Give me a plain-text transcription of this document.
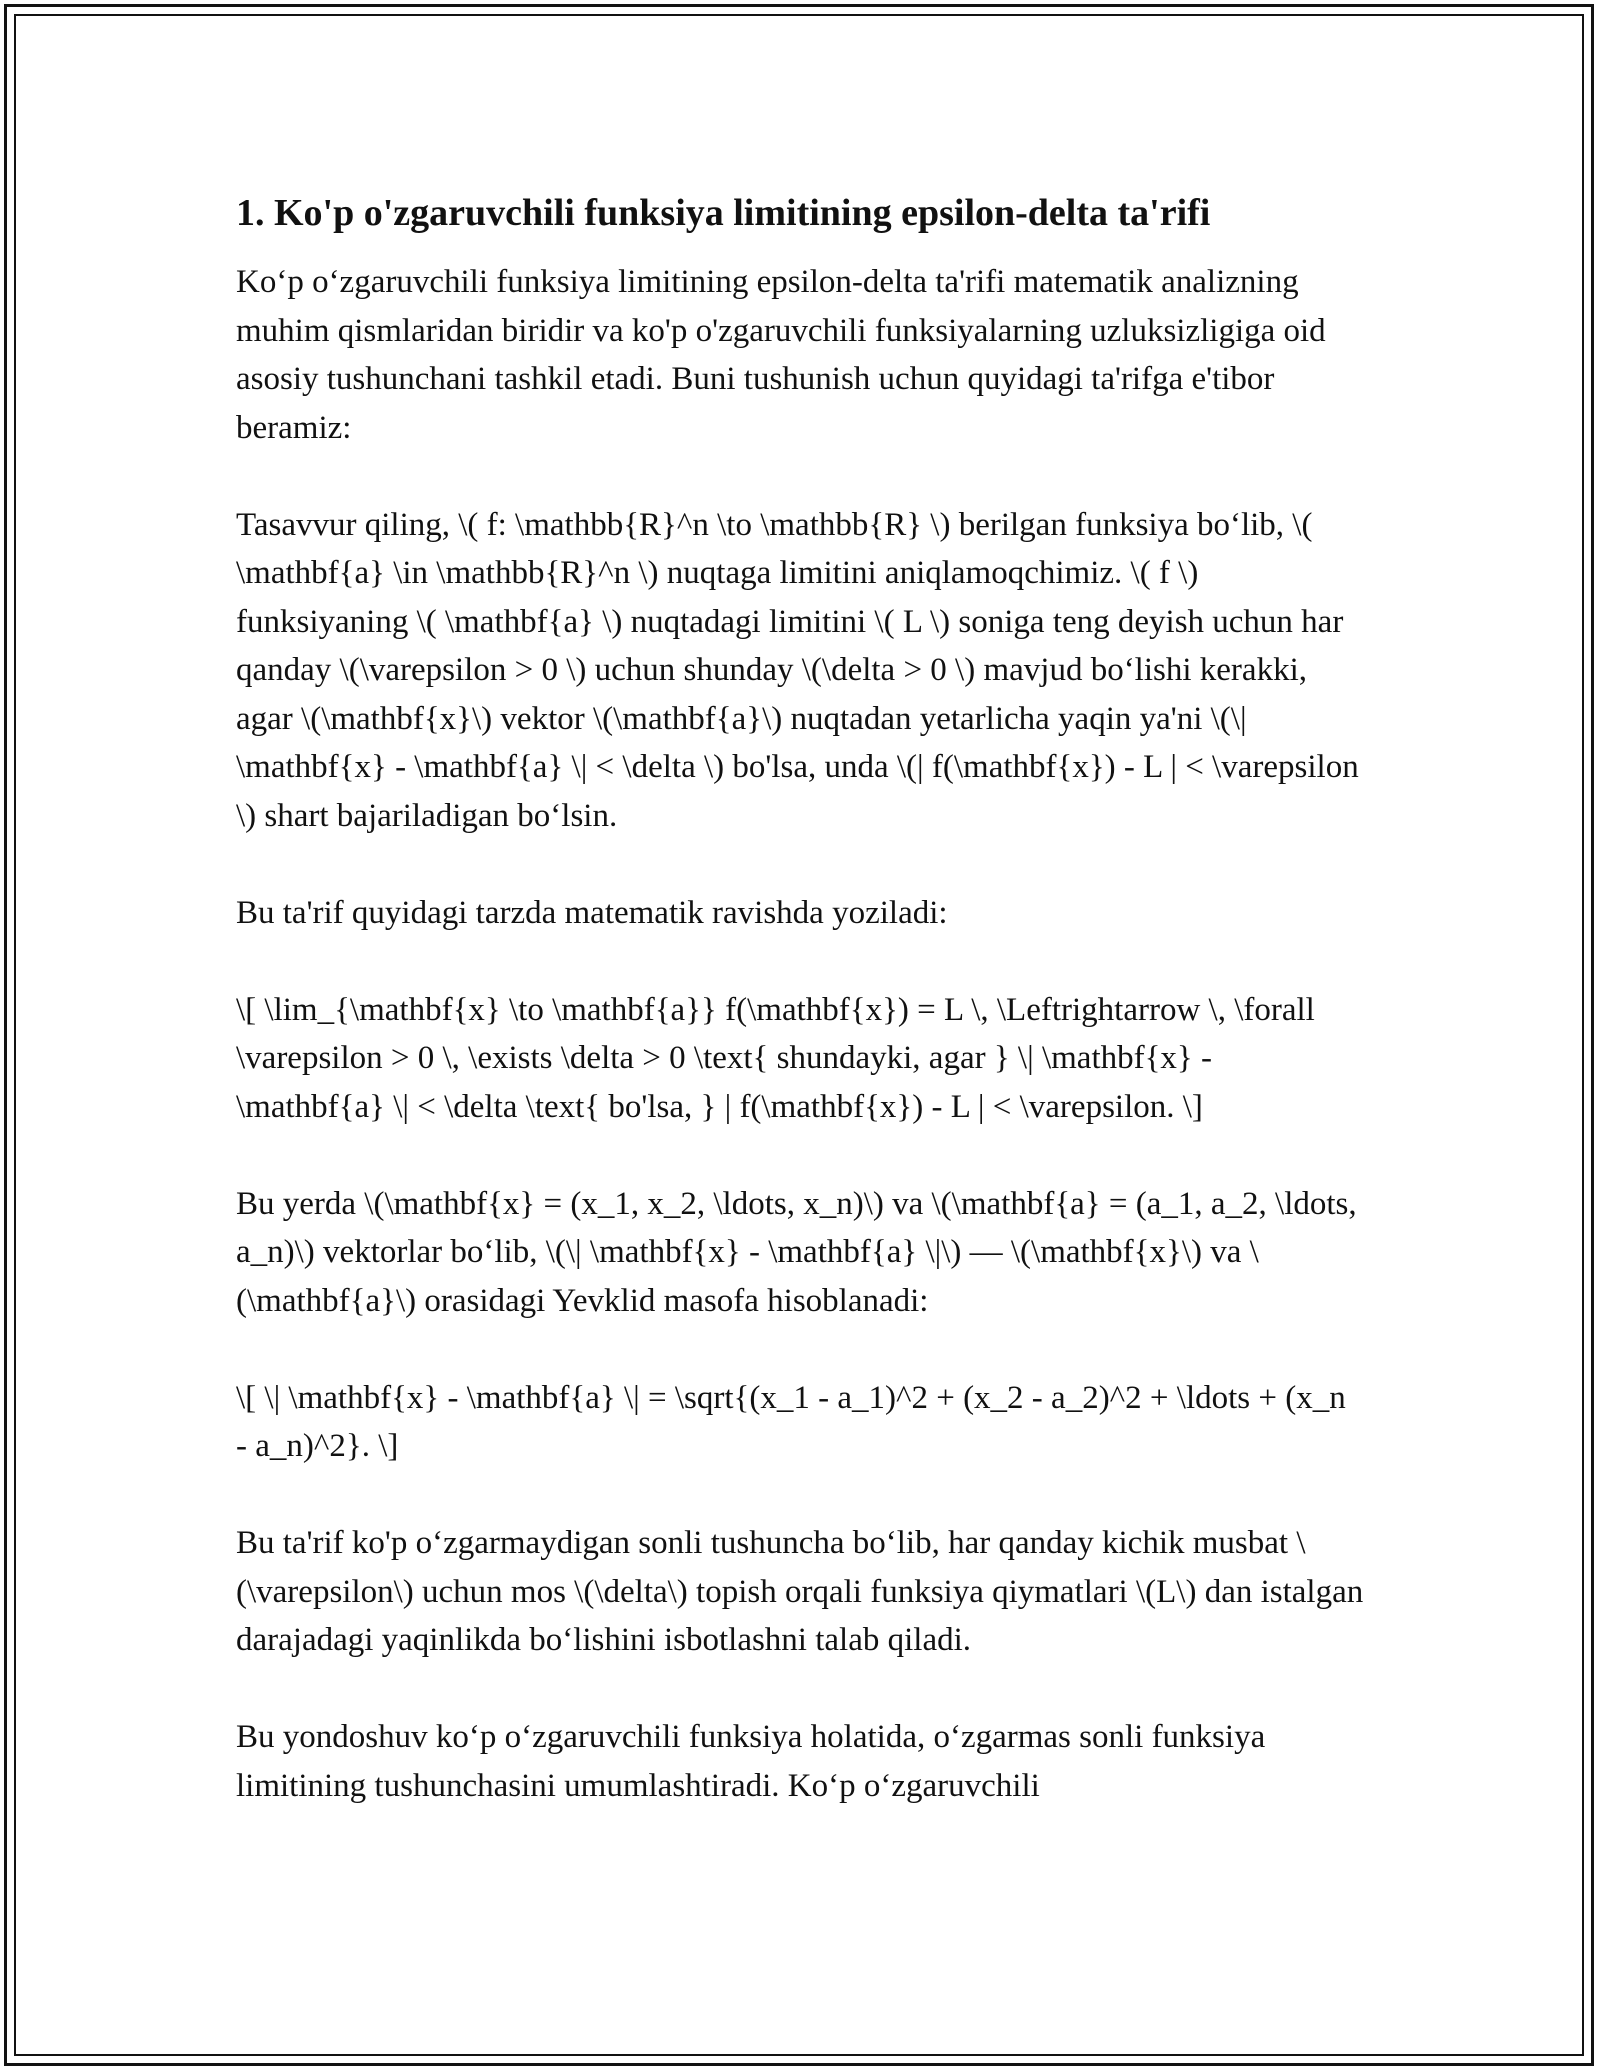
1. Ko'p o'zgaruvchili funksiya limitining epsilon-delta ta'rifi

Ko‘p o‘zgaruvchili funksiya limitining epsilon-delta ta'rifi matematik analizning muhim qismlaridan biridir va ko'p o'zgaruvchili funksiyalarning uzluksizligiga oid asosiy tushunchani tashkil etadi. Buni tushunish uchun quyidagi ta'rifga e'tibor beramiz:

Tasavvur qiling, \( f: \mathbb{R}^n \to \mathbb{R} \) berilgan funksiya bo‘lib, \( \mathbf{a} \in \mathbb{R}^n \) nuqtaga limitini aniqlamoqchimiz. \( f \) funksiyaning \( \mathbf{a} \) nuqtadagi limitini \( L \) soniga teng deyish uchun har qanday \(\varepsilon > 0 \) uchun shunday \(\delta > 0 \) mavjud bo‘lishi kerakki, agar \(\mathbf{x}\) vektor \(\mathbf{a}\) nuqtadan yetarlicha yaqin ya'ni \(\| \mathbf{x} - \mathbf{a} \| < \delta \) bo'lsa, unda \(| f(\mathbf{x}) - L | < \varepsilon \) shart bajariladigan bo‘lsin.

Bu ta'rif quyidagi tarzda matematik ravishda yoziladi:

\[ \lim_{\mathbf{x} \to \mathbf{a}} f(\mathbf{x}) = L \, \Leftrightarrow \, \forall \varepsilon > 0 \, \exists \delta > 0 \text{ shundayki, agar } \| \mathbf{x} - \mathbf{a} \| < \delta \text{ bo'lsa, } | f(\mathbf{x}) - L | < \varepsilon. \]

Bu yerda \(\mathbf{x} = (x_1, x_2, \ldots, x_n)\) va \(\mathbf{a} = (a_1, a_2, \ldots, a_n)\) vektorlar bo‘lib, \(\| \mathbf{x} - \mathbf{a} \|\) — \(\mathbf{x}\) va \(\mathbf{a}\) orasidagi Yevklid masofa hisoblanadi:

\[ \| \mathbf{x} - \mathbf{a} \| = \sqrt{(x_1 - a_1)^2 + (x_2 - a_2)^2 + \ldots + (x_n - a_n)^2}. \]

Bu ta'rif ko'p o‘zgarmaydigan sonli tushuncha bo‘lib, har qanday kichik musbat \(\varepsilon\) uchun mos \(\delta\) topish orqali funksiya qiymatlari \(L\) dan istalgan darajadagi yaqinlikda bo‘lishini isbotlashni talab qiladi.

Bu yondoshuv ko‘p o‘zgaruvchili funksiya holatida, o‘zgarmas sonli funksiya limitining tushunchasini umumlashtiradi. Ko‘p o‘zgaruvchili
